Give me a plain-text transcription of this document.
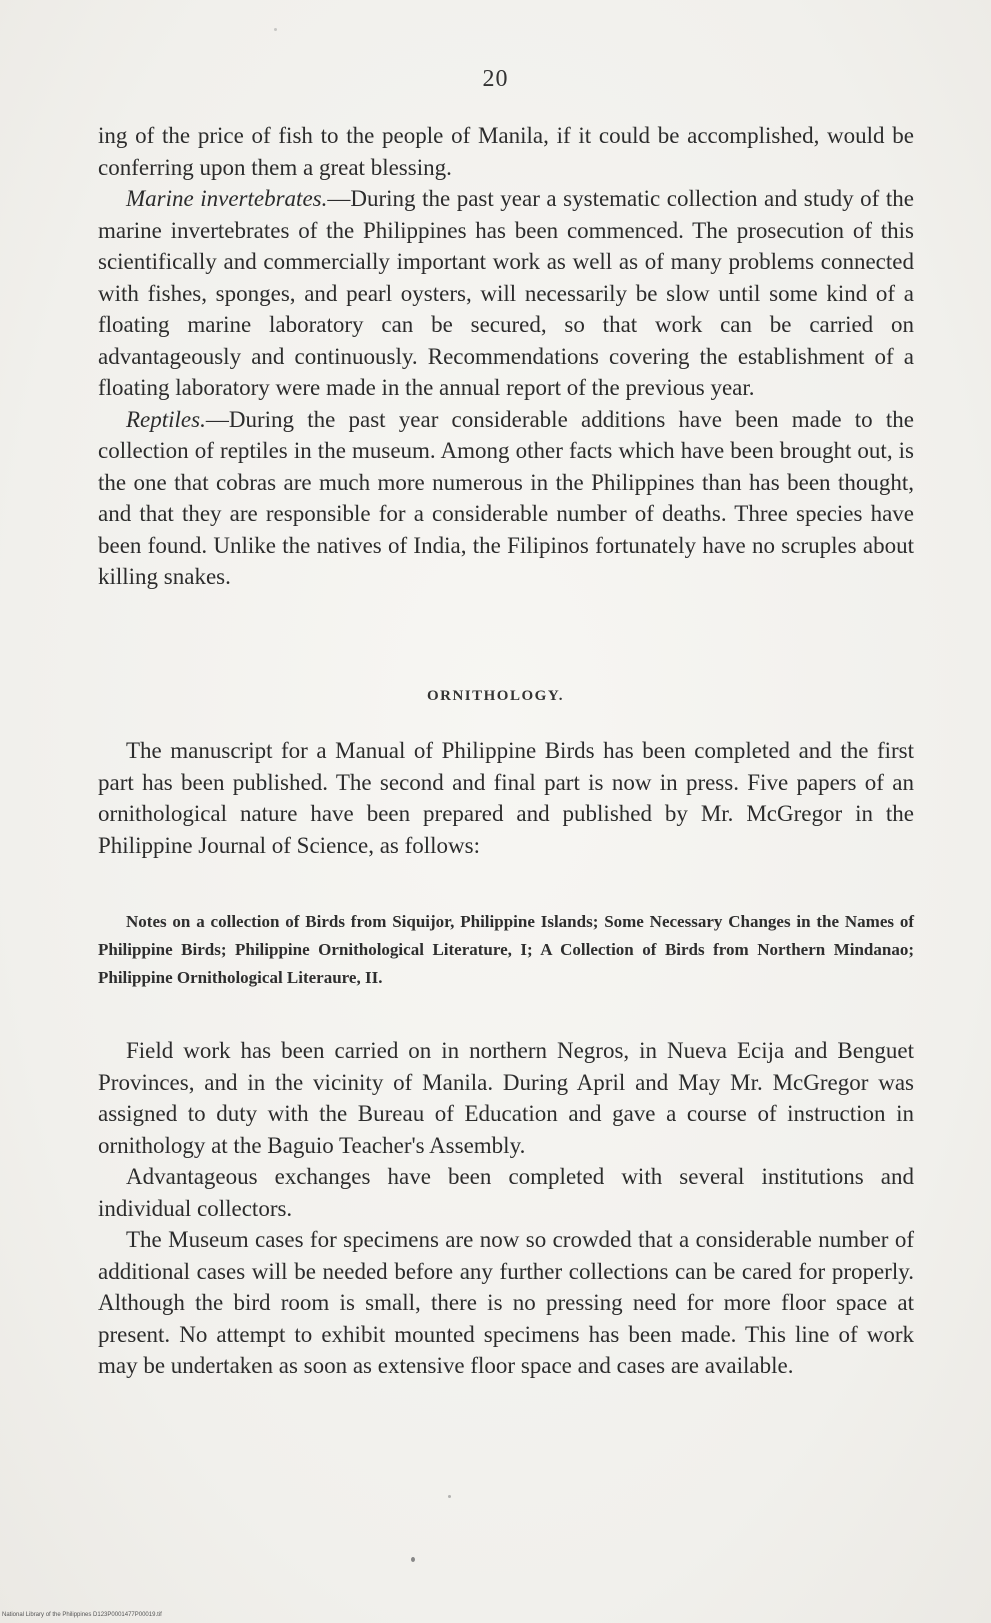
20

ing of the price of fish to the people of Manila, if it could be accomplished, would be conferring upon them a great blessing.

Marine invertebrates.—During the past year a systematic collection and study of the marine invertebrates of the Philippines has been commenced. The prosecution of this scientifically and commercially important work as well as of many problems connected with fishes, sponges, and pearl oysters, will necessarily be slow until some kind of a floating marine laboratory can be secured, so that work can be carried on advantageously and continuously. Recommendations covering the establishment of a floating laboratory were made in the annual report of the previous year.

Reptiles.—During the past year considerable additions have been made to the collection of reptiles in the museum. Among other facts which have been brought out, is the one that cobras are much more numerous in the Philippines than has been thought, and that they are responsible for a considerable number of deaths. Three species have been found. Unlike the natives of India, the Filipinos fortunately have no scruples about killing snakes.

ORNITHOLOGY.

The manuscript for a Manual of Philippine Birds has been completed and the first part has been published. The second and final part is now in press. Five papers of an ornithological nature have been prepared and published by Mr. McGregor in the Philippine Journal of Science, as follows:

Notes on a collection of Birds from Siquijor, Philippine Islands; Some Necessary Changes in the Names of Philippine Birds; Philippine Ornithological Literature, I; A Collection of Birds from Northern Mindanao; Philippine Ornithological Literaure, II.

Field work has been carried on in northern Negros, in Nueva Ecija and Benguet Provinces, and in the vicinity of Manila. During April and May Mr. McGregor was assigned to duty with the Bureau of Education and gave a course of instruction in ornithology at the Baguio Teacher's Assembly.

Advantageous exchanges have been completed with several institutions and individual collectors.

The Museum cases for specimens are now so crowded that a considerable number of additional cases will be needed before any further collections can be cared for properly. Although the bird room is small, there is no pressing need for more floor space at present. No attempt to exhibit mounted specimens has been made. This line of work may be undertaken as soon as extensive floor space and cases are available.

National Library of the Philippines D123P0001477P00019.tif
